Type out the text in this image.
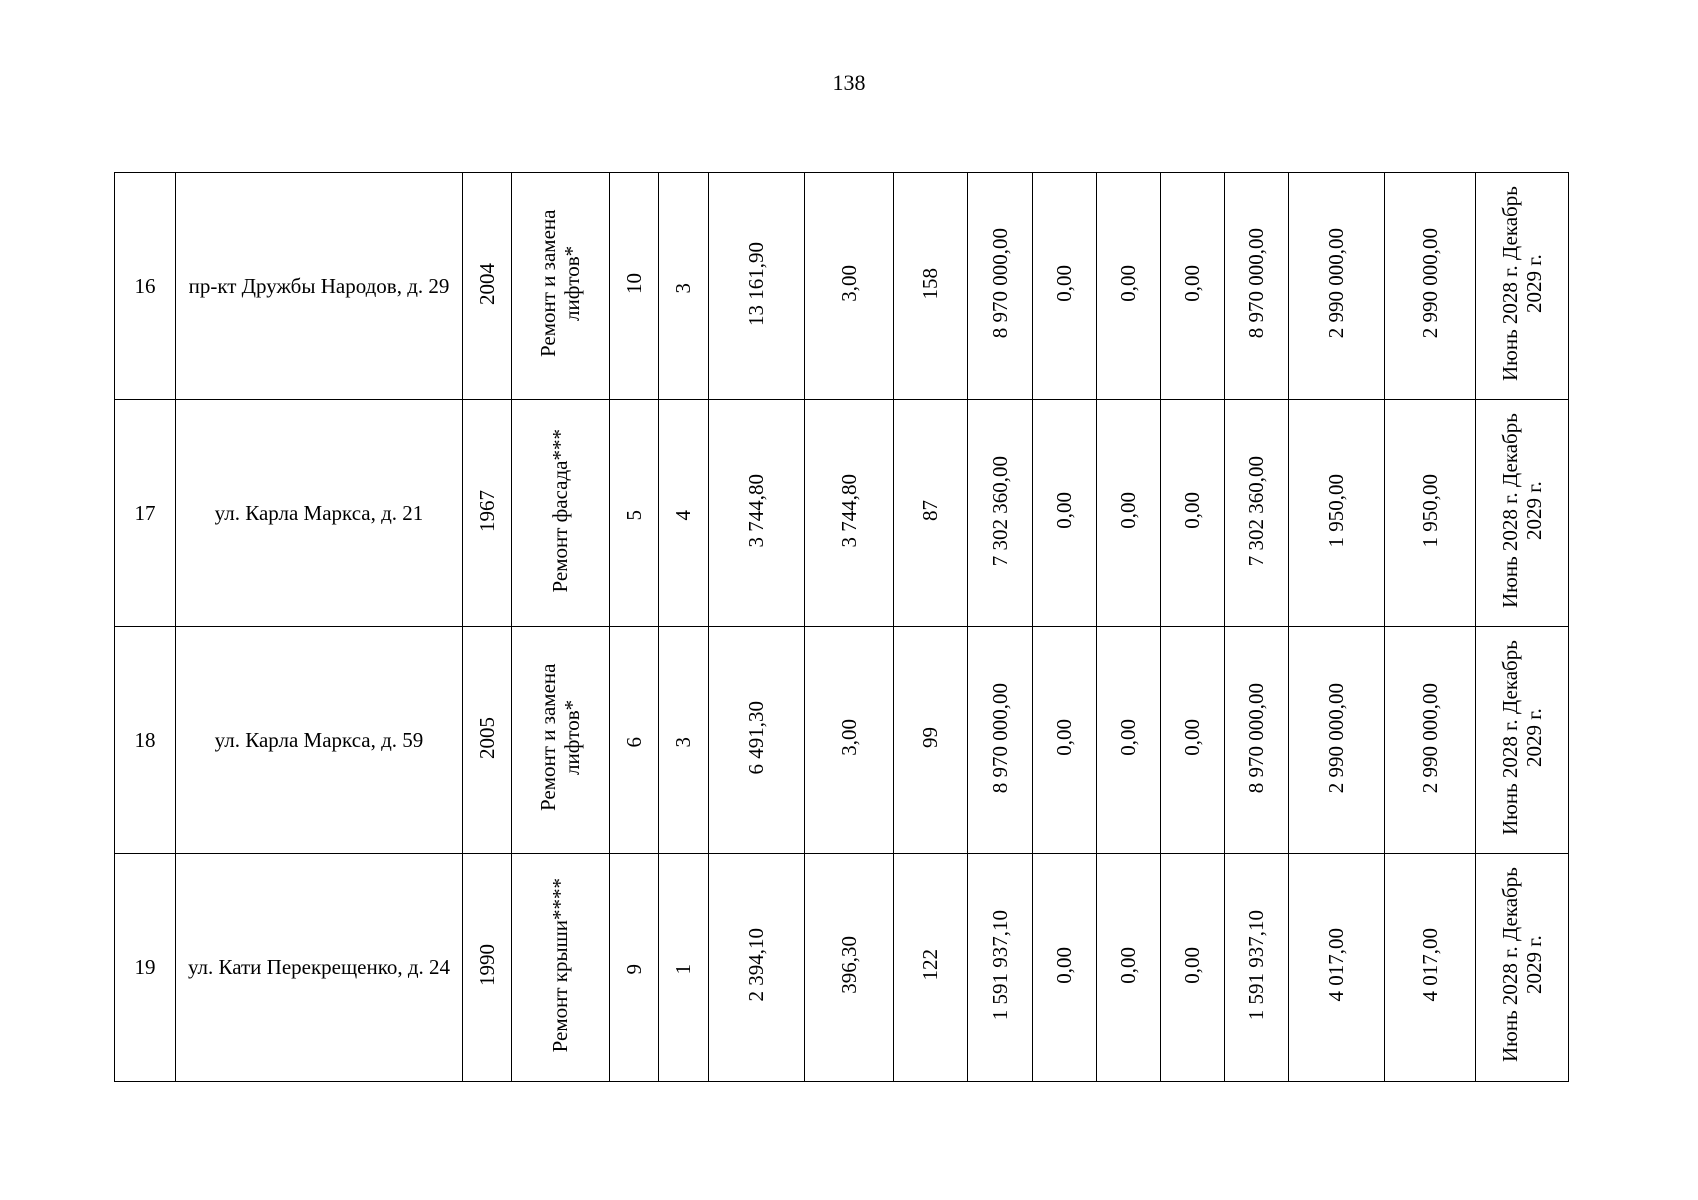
138
16	пр-кт Дружбы Народов, д. 29	2004	Ремонт и замена лифтов*	10	3	13 161,90	3,00	158	8 970 000,00	0,00	0,00	0,00	8 970 000,00	2 990 000,00	2 990 000,00	Июнь 2028 г. Декабрь 2029 г.
17	ул. Карла Маркса, д. 21	1967	Ремонт фасада***	5	4	3 744,80	3 744,80	87	7 302 360,00	0,00	0,00	0,00	7 302 360,00	1 950,00	1 950,00	Июнь 2028 г. Декабрь 2029 г.
18	ул. Карла Маркса, д. 59	2005	Ремонт и замена лифтов*	6	3	6 491,30	3,00	99	8 970 000,00	0,00	0,00	0,00	8 970 000,00	2 990 000,00	2 990 000,00	Июнь 2028 г. Декабрь 2029 г.
19	ул. Кати Перекрещенко, д. 24	1990	Ремонт крыши****	9	1	2 394,10	396,30	122	1 591 937,10	0,00	0,00	0,00	1 591 937,10	4 017,00	4 017,00	Июнь 2028 г. Декабрь 2029 г.
